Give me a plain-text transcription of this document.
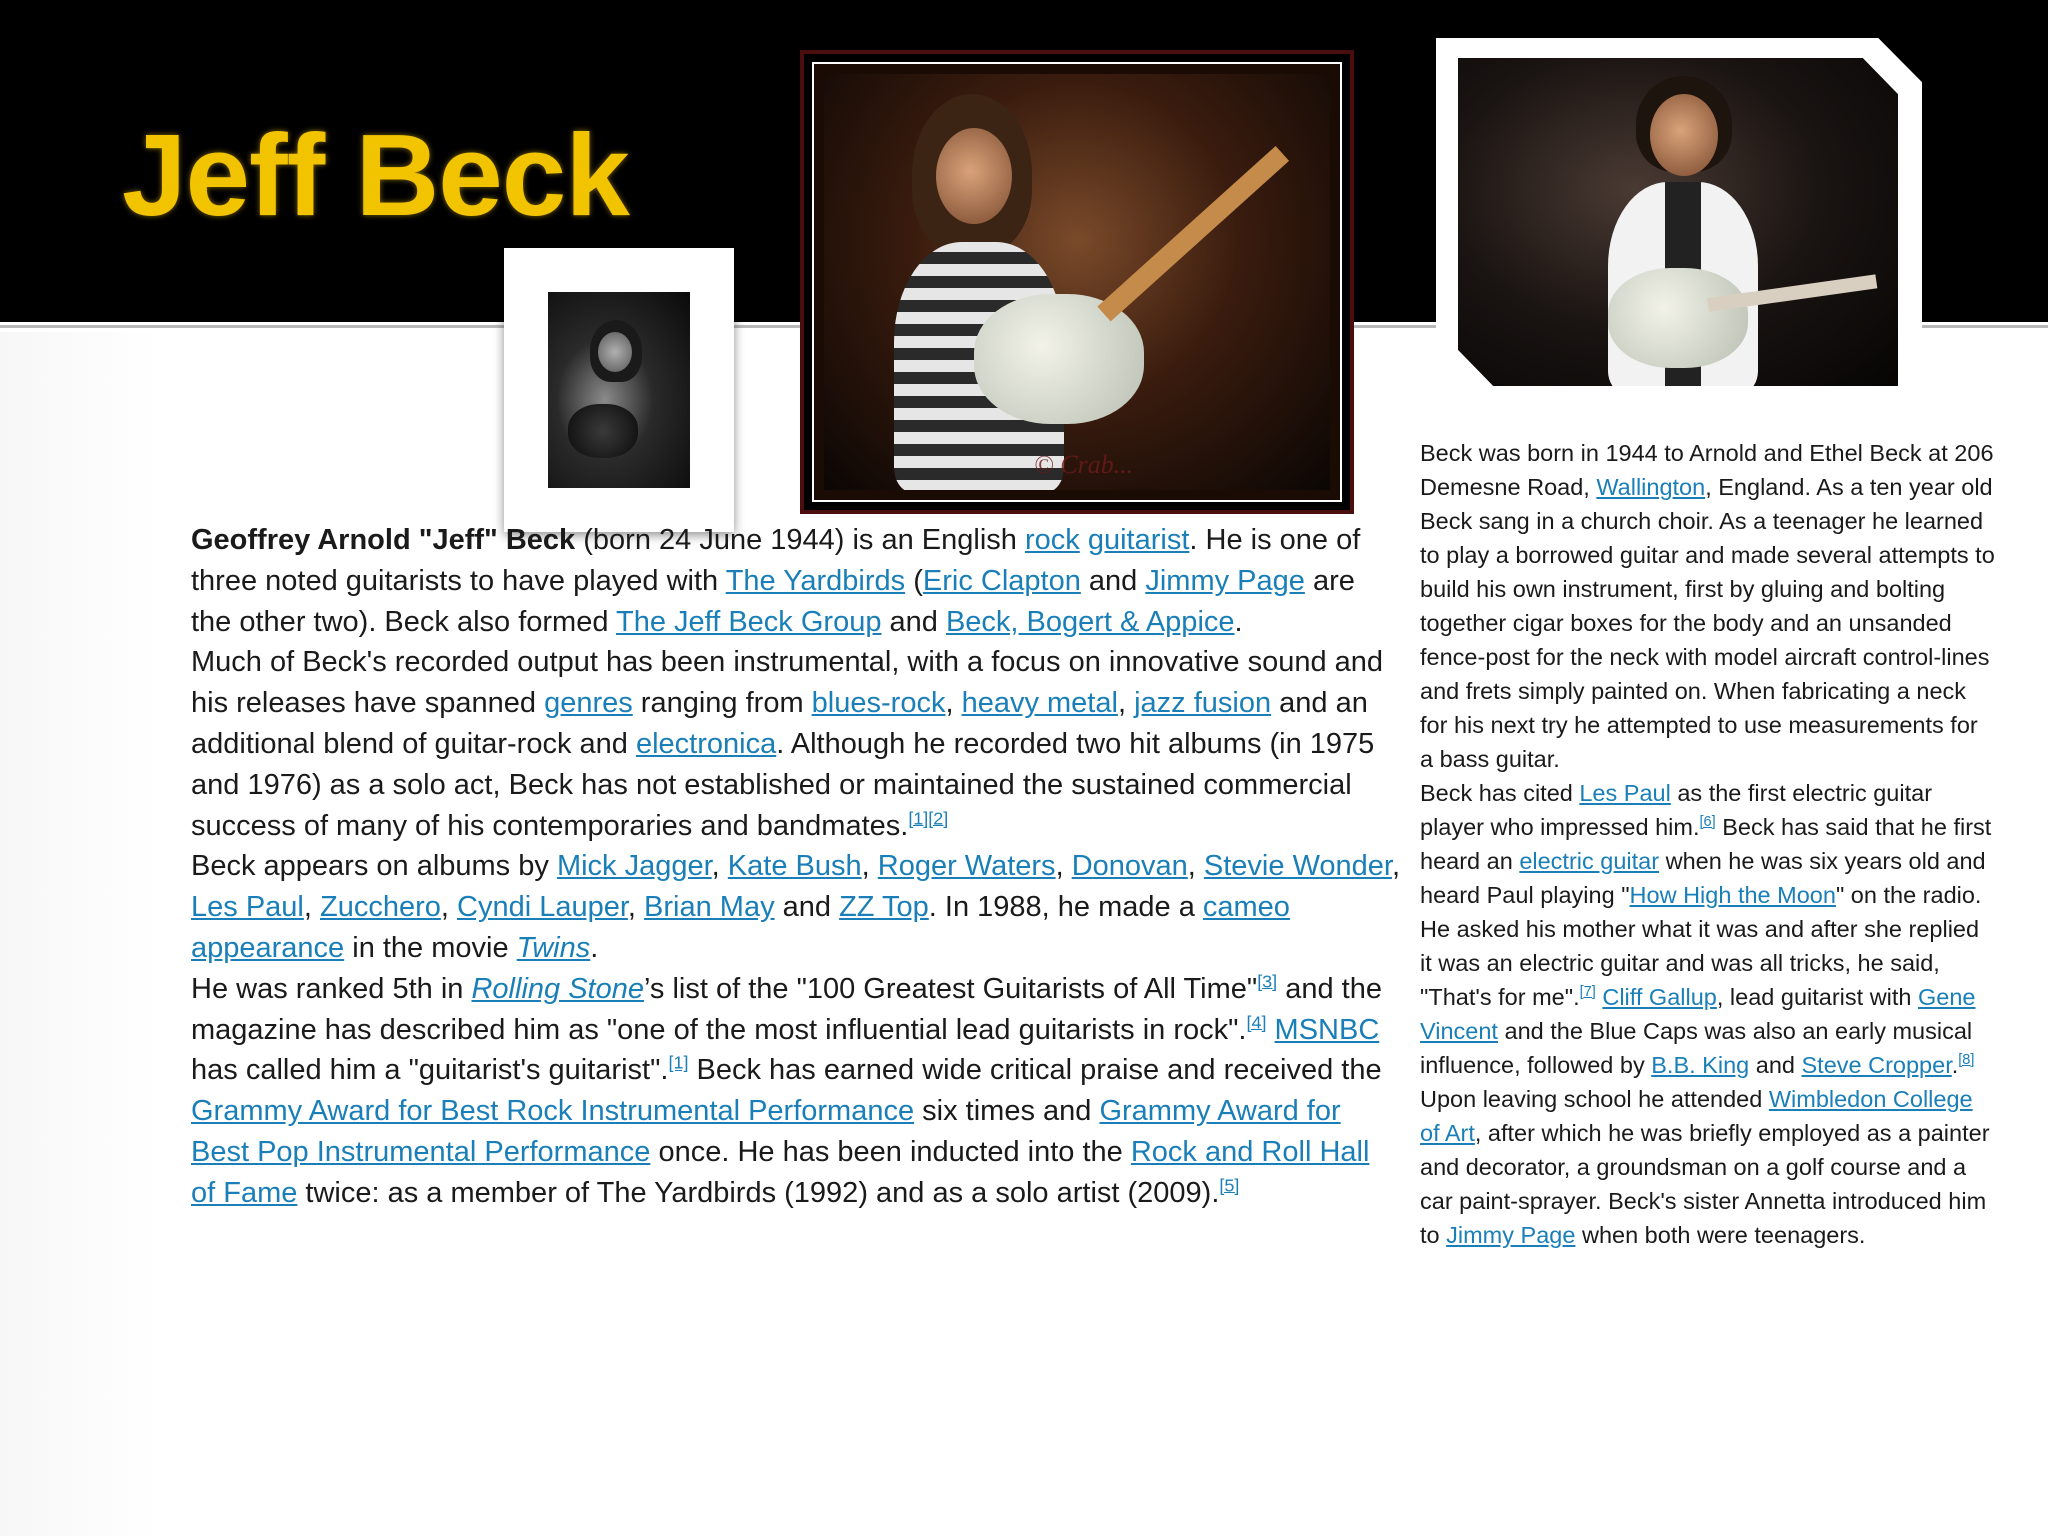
Jeff Beck
© Crab...

Geoffrey Arnold "Jeff" Beck (born 24 June 1944) is an English rock guitarist. He is one of three noted guitarists to have played with The Yardbirds (Eric Clapton and Jimmy Page are the other two). Beck also formed The Jeff Beck Group and Beck, Bogert & Appice.

Much of Beck's recorded output has been instrumental, with a focus on innovative sound and his releases have spanned genres ranging from blues-rock, heavy metal, jazz fusion and an additional blend of guitar-rock and electronica. Although he recorded two hit albums (in 1975 and 1976) as a solo act, Beck has not established or maintained the sustained commercial success of many of his contemporaries and bandmates.[1][2]

Beck appears on albums by Mick Jagger, Kate Bush, Roger Waters, Donovan, Stevie Wonder, Les Paul, Zucchero, Cyndi Lauper, Brian May and ZZ Top. In 1988, he made a cameo appearance in the movie Twins.

He was ranked 5th in Rolling Stone’s list of the "100 Greatest Guitarists of All Time"[3] and the magazine has described him as "one of the most influential lead guitarists in rock".[4] MSNBC has called him a "guitarist's guitarist".[1] Beck has earned wide critical praise and received the Grammy Award for Best Rock Instrumental Performance six times and Grammy Award for Best Pop Instrumental Performance once. He has been inducted into the Rock and Roll Hall of Fame twice: as a member of The Yardbirds (1992) and as a solo artist (2009).[5]

Beck was born in 1944 to Arnold and Ethel Beck at 206 Demesne Road, Wallington, England. As a ten year old Beck sang in a church choir. As a teenager he learned to play a borrowed guitar and made several attempts to build his own instrument, first by gluing and bolting together cigar boxes for the body and an unsanded fence-post for the neck with model aircraft control-lines and frets simply painted on. When fabricating a neck for his next try he attempted to use measurements for a bass guitar.

Beck has cited Les Paul as the first electric guitar player who impressed him.[6] Beck has said that he first heard an electric guitar when he was six years old and heard Paul playing "How High the Moon" on the radio. He asked his mother what it was and after she replied it was an electric guitar and was all tricks, he said, "That's for me".[7] Cliff Gallup, lead guitarist with Gene Vincent and the Blue Caps was also an early musical influence, followed by B.B. King and Steve Cropper.[8]

Upon leaving school he attended Wimbledon College of Art, after which he was briefly employed as a painter and decorator, a groundsman on a golf course and a car paint-sprayer. Beck's sister Annetta introduced him to Jimmy Page when both were teenagers.
